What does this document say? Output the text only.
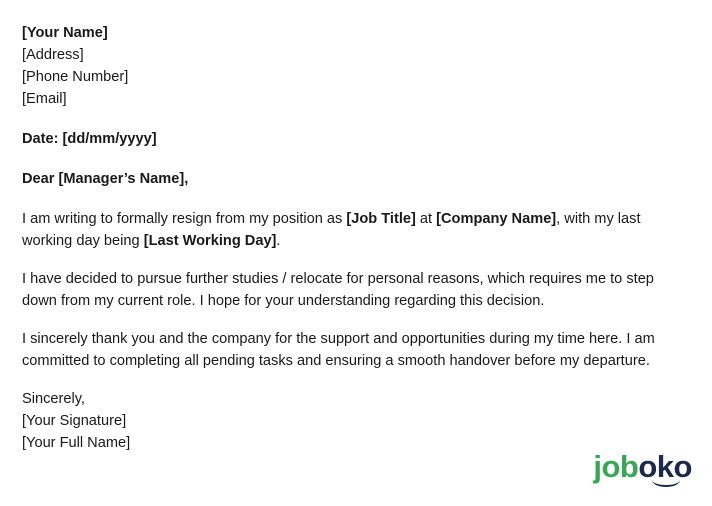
[Your Name]
[Address]
[Phone Number]
[Email]
Date: [dd/mm/yyyy]
Dear [Manager’s Name],

I am writing to formally resign from my position as [Job Title] at [Company Name], with my last working day being [Last Working Day].

I have decided to pursue further studies / relocate for personal reasons, which requires me to step down from my current role. I hope for your understanding regarding this decision.

I sincerely thank you and the company for the support and opportunities during my time here. I am committed to completing all pending tasks and ensuring a smooth handover before my departure.

Sincerely,
[Your Signature]
[Your Full Name]
job oko
